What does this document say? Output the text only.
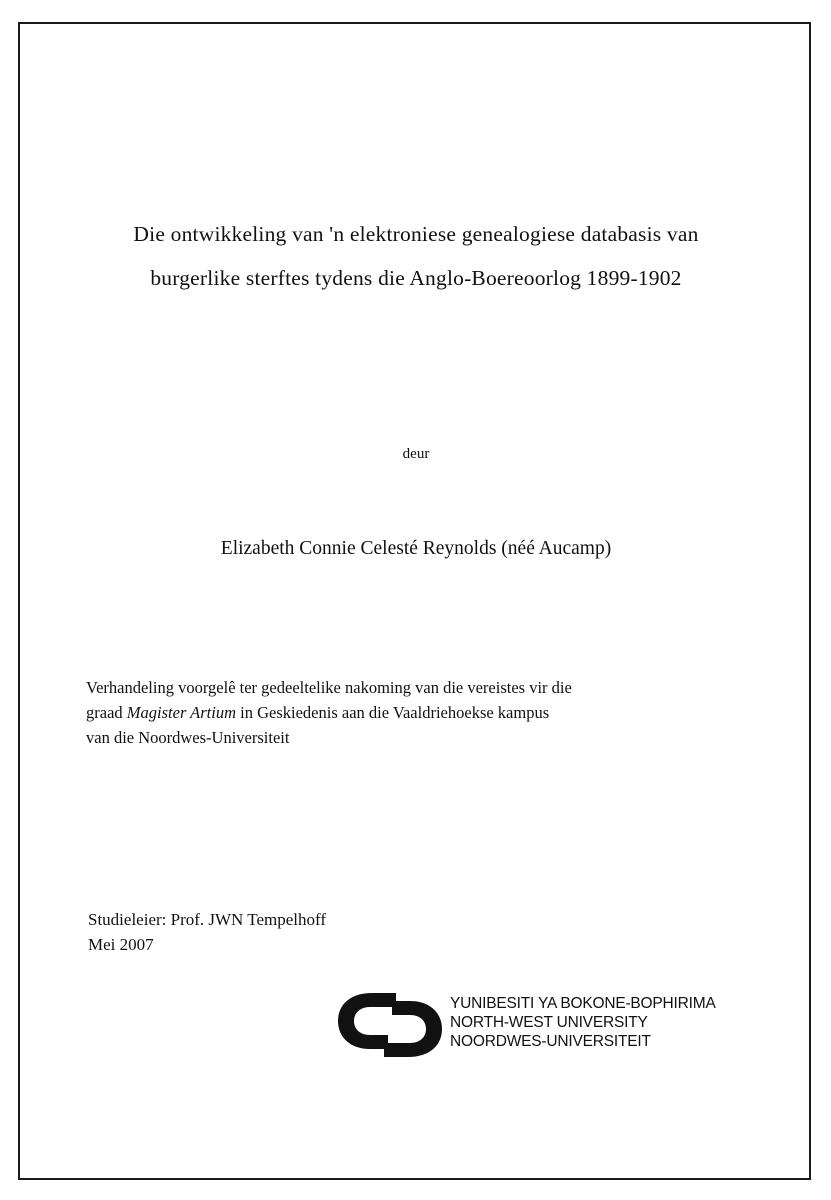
Die ontwikkeling van 'n elektroniese genealogiese databasis van
burgerlike sterftes tydens die Anglo-Boereoorlog 1899-1902
deur
Elizabeth Connie Celesté Reynolds (néé Aucamp)
Verhandeling voorgelê ter gedeeltelike nakoming van die vereistes vir die
graad Magister Artium in Geskiedenis aan die Vaaldriehoekse kampus
van die Noordwes-Universiteit
Studieleier: Prof. JWN Tempelhoff
Mei 2007
YUNIBESITI YA BOKONE-BOPHIRIMA
NORTH-WEST UNIVERSITY
NOORDWES-UNIVERSITEIT
